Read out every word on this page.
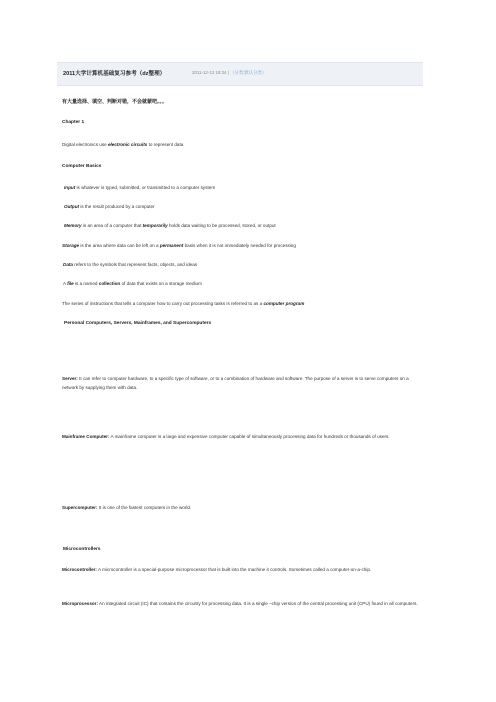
2011大学计算机基础复习参考（dz整理）	2011-12-13 19:34 | （分类:默认分类）
有大量选择、填空、判断对错，不会就蒙吧。。。
Chapter 1
Digital electronics use electronic circuits to represent data
Computer Basics
Input is whatever is typed, submitted, or transmitted to a computer system
Output is the result produced by a computer
Memory is an area of a computer that temporarily holds data waiting to be processed, stored, or output
Storage is the area where data can be left on a permanent basis when it is not immediately needed for processing
Data refers to the symbols that represent facts, objects, and ideas
A file is a named collection of data that exists on a storage medium
The series of instructions that tells a computer how to carry out processing tasks is referred to as a computer program
Personal Computers, Servers, Mainframes, and Supercomputers
Server: It can refer to computer hardware, to a specific type of software, or to a combination of hardware and software. The purpose of a server is to serve computers on a network by supplying them with data.
Mainframe Computer: A mainframe computer is a large and expensive computer capable of simultaneously processing data for hundreds or thousands of users.
Supercomputer: It is one of the fastest computers in the world.
Microcontrollers
Microcontroller: A microcontroller is a special-purpose microprocessor that is built into the machine it controls. Sometimes called a computer-on-a-chip.
Microprocessor: An integrated circuit (IC) that contains the circuitry for processing data. It is a single –chip version of the central processing unit (CPU) found in all computers.
